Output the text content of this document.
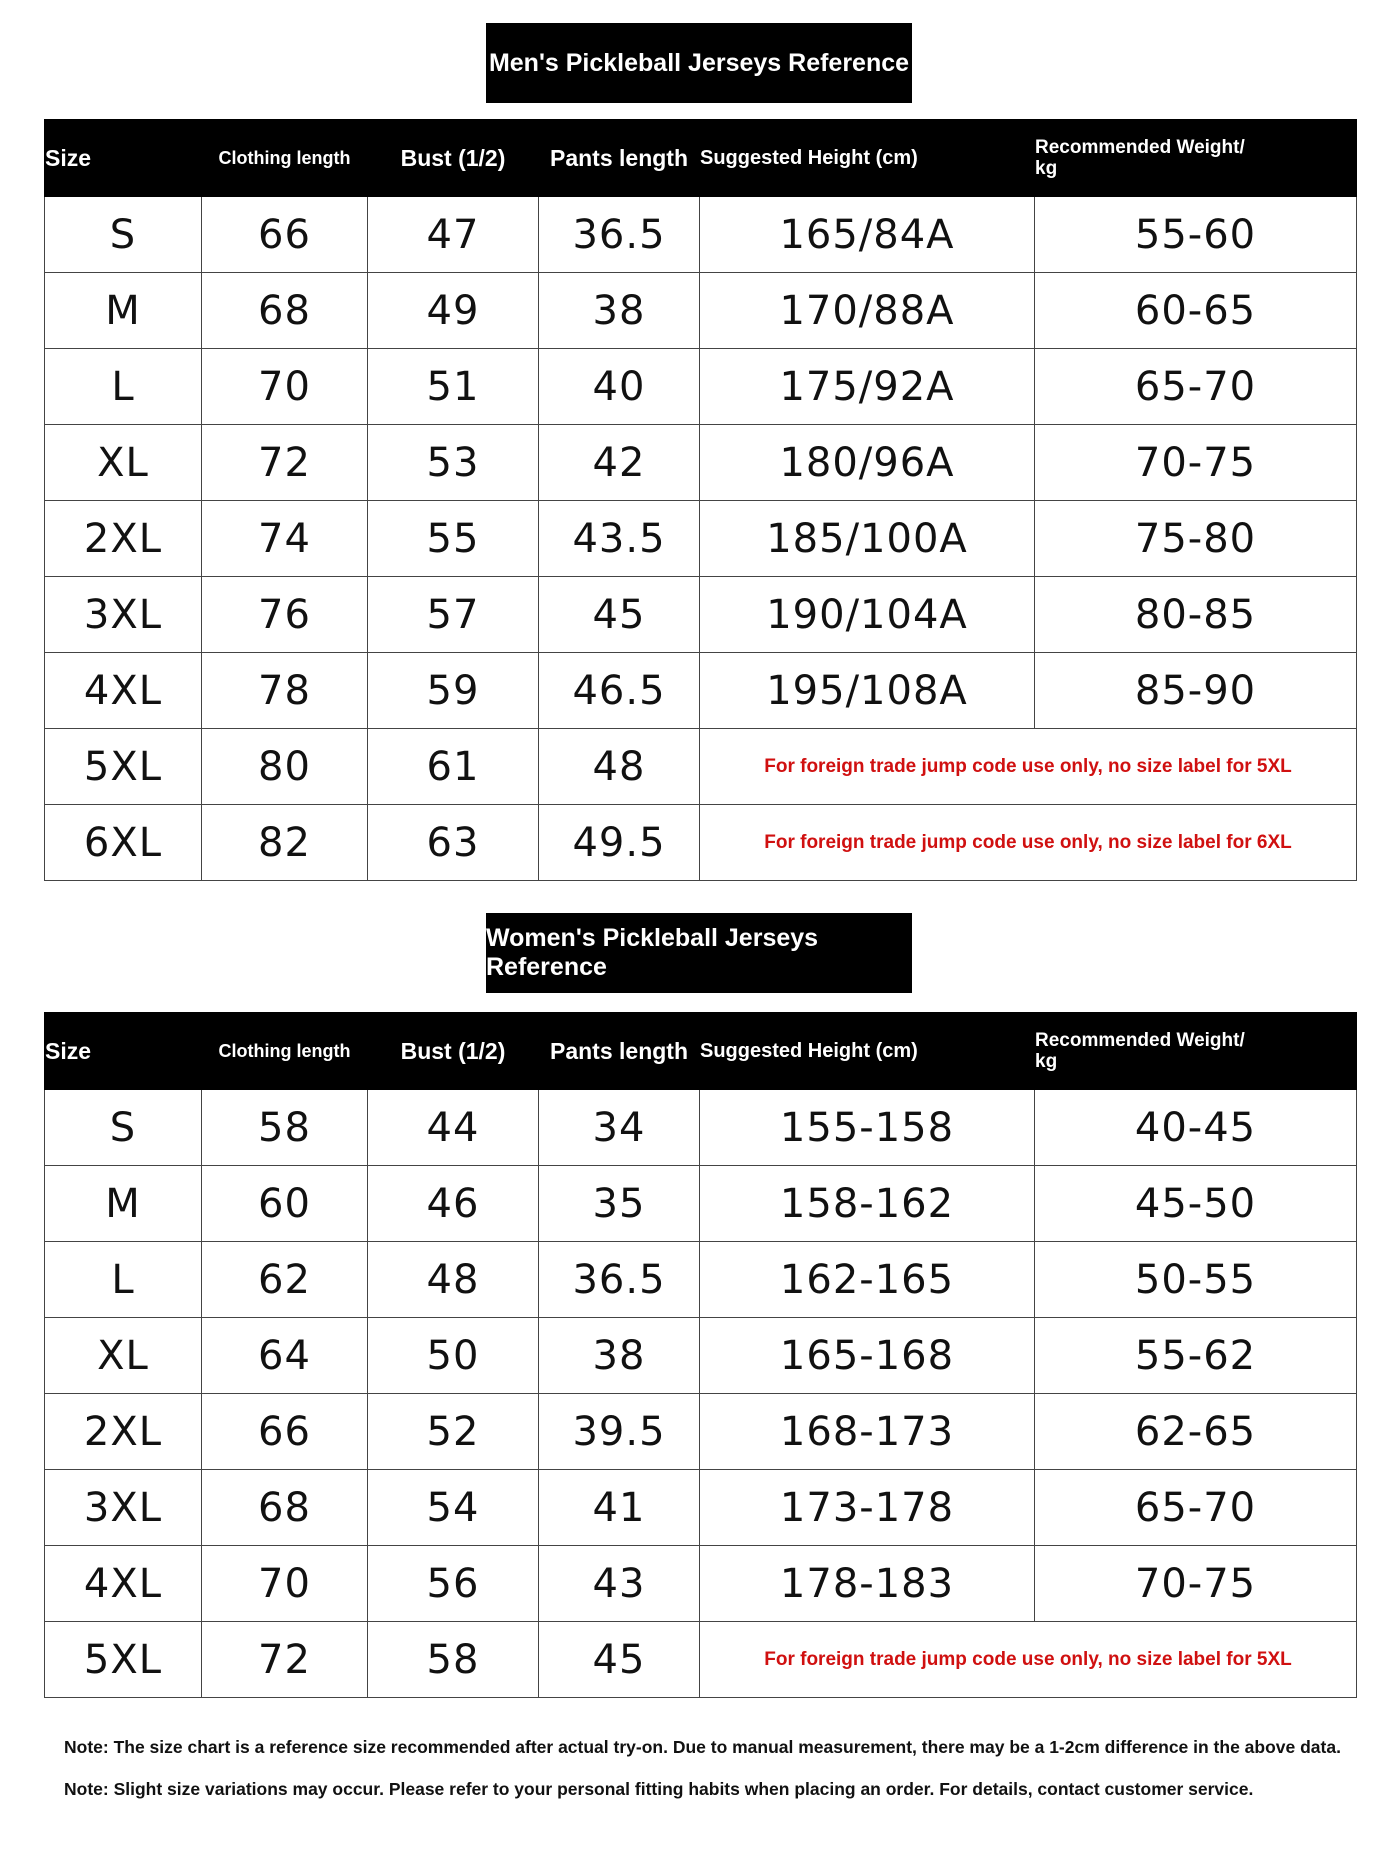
Men's Pickleball Jerseys Reference
Size	Clothing length	Bust (1/2)	Pants length	Suggested Height (cm)	Recommended Weight/
kg

S	66	47	36.5	165/84A	55-60
M	68	49	38	170/88A	60-65
L	70	51	40	175/92A	65-70
XL	72	53	42	180/96A	70-75
2XL	74	55	43.5	185/100A	75-80
3XL	76	57	45	190/104A	80-85
4XL	78	59	46.5	195/108A	85-90
5XL	80	61	48	For foreign trade jump code use only, no size label for 5XL	
6XL	82	63	49.5	For foreign trade jump code use only, no size label for 6XL	
Women's Pickleball Jerseys Reference
Size	Clothing length	Bust (1/2)	Pants length	Suggested Height (cm)	Recommended Weight/
kg

S	58	44	34	155-158	40-45
M	60	46	35	158-162	45-50
L	62	48	36.5	162-165	50-55
XL	64	50	38	165-168	55-62
2XL	66	52	39.5	168-173	62-65
3XL	68	54	41	173-178	65-70
4XL	70	56	43	178-183	70-75
5XL	72	58	45	For foreign trade jump code use only, no size label for 5XL	
Note: The size chart is a reference size recommended after actual try-on. Due to manual measurement, there may be a 1-2cm difference in the above data.
Note: Slight size variations may occur. Please refer to your personal fitting habits when placing an order. For details, contact customer service.
